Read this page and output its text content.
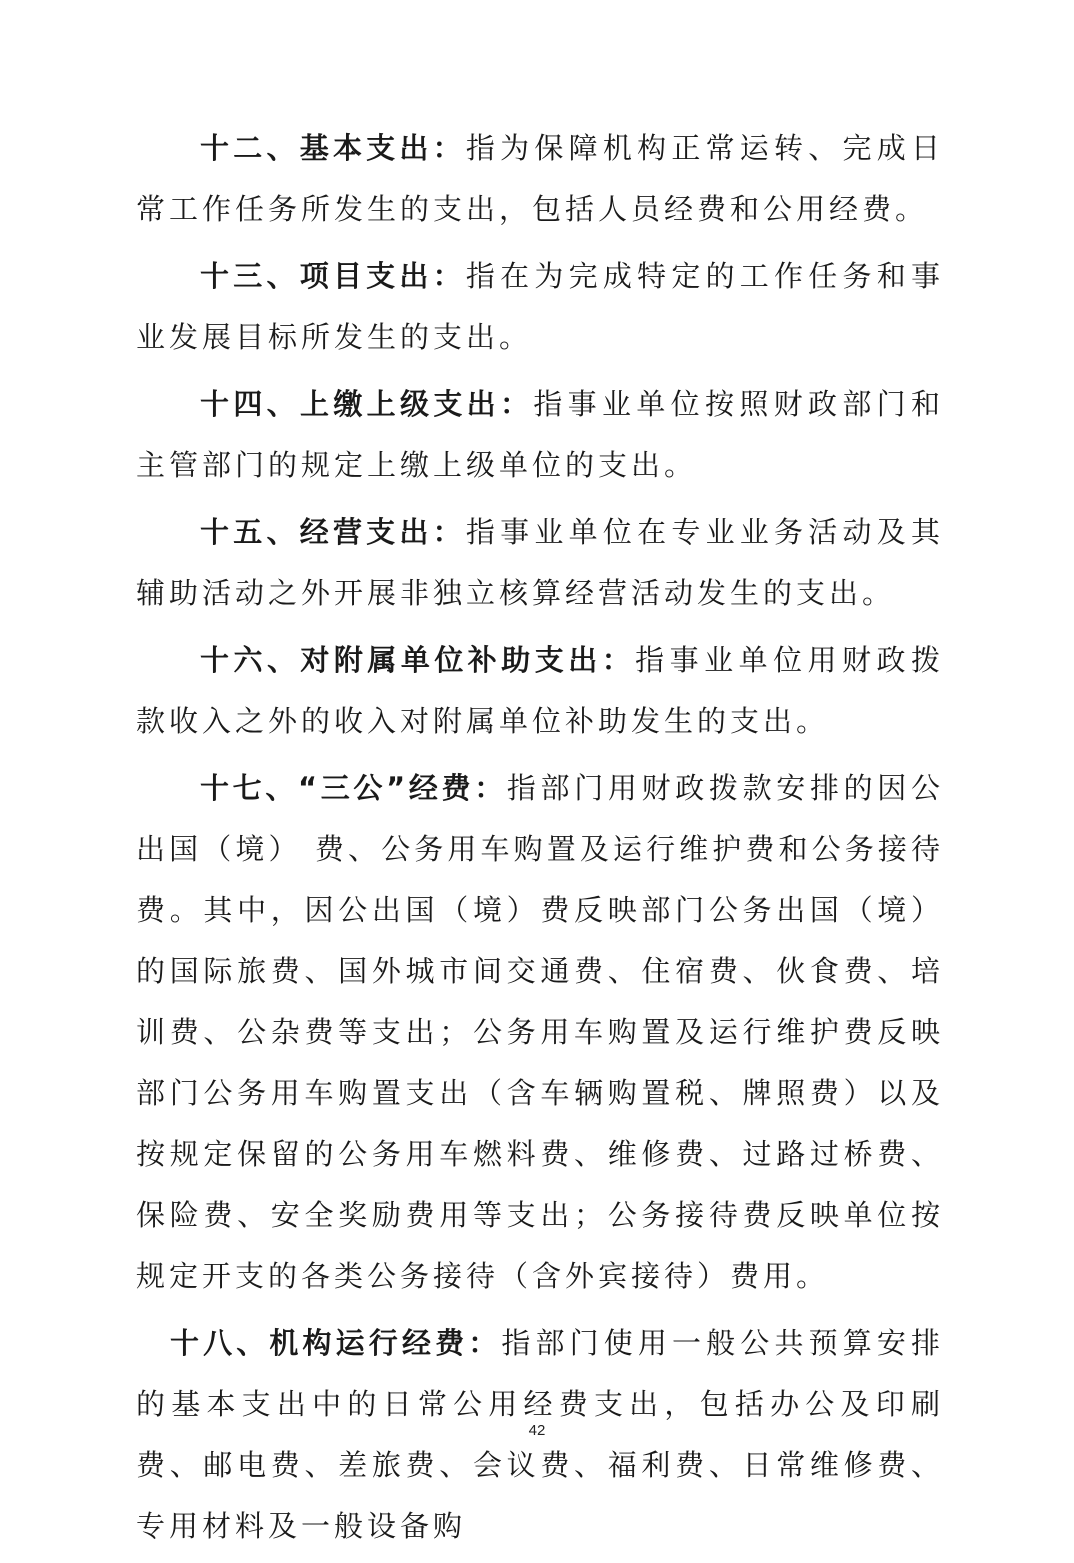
十二、基本支出：指为保障机构正常运转、完成日常工作任务所发生的支出，包括人员经费和公用经费。

十三、项目支出：指在为完成特定的工作任务和事业发展目标所发生的支出。

十四、上缴上级支出：指事业单位按照财政部门和主管部门的规定上缴上级单位的支出。

十五、经营支出：指事业单位在专业业务活动及其辅助活动之外开展非独立核算经营活动发生的支出。

十六、对附属单位补助支出：指事业单位用财政拨款收入之外的收入对附属单位补助发生的支出。

十七、“三公”经费：指部门用财政拨款安排的因公出国（境） 费、公务用车购置及运行维护费和公务接待费。其中，因公出国（境）费反映部门公务出国（境）的国际旅费、国外城市间交通费、住宿费、伙食费、培训费、公杂费等支出；公务用车购置及运行维护费反映部门公务用车购置支出（含车辆购置税、牌照费）以及按规定保留的公务用车燃料费、维修费、过路过桥费、保险费、安全奖励费用等支出；公务接待费反映单位按规定开支的各类公务接待（含外宾接待）费用。

十八、机构运行经费：指部门使用一般公共预算安排的基本支出中的日常公用经费支出，包括办公及印刷费、邮电费、差旅费、会议费、福利费、日常维修费、专用材料及一般设备购

42
